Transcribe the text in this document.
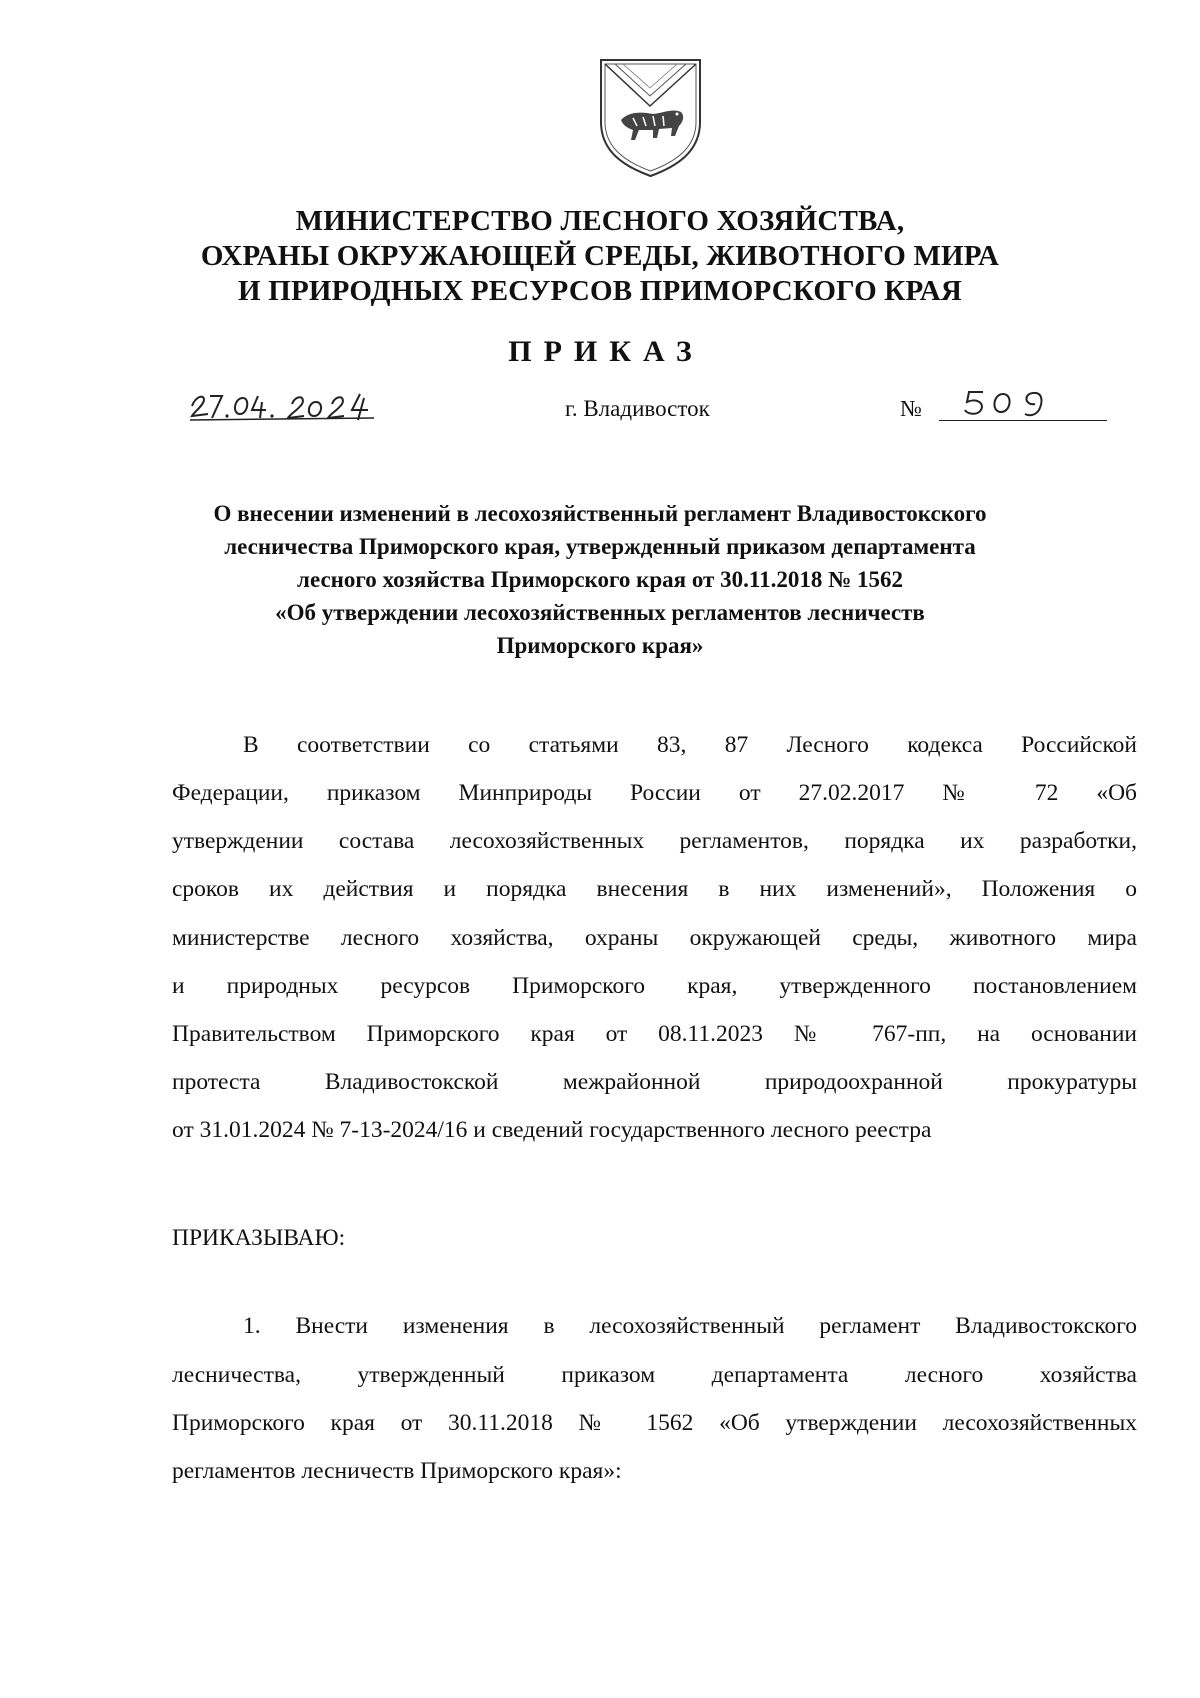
МИНИСТЕРСТВО ЛЕСНОГО ХОЗЯЙСТВА,
ОХРАНЫ ОКРУЖАЮЩЕЙ СРЕДЫ, ЖИВОТНОГО МИРА
И ПРИРОДНЫХ РЕСУРСОВ ПРИМОРСКОГО КРАЯ
ПРИКАЗ
г. Владивосток	№
О внесении изменений в лесохозяйственный регламент Владивостокского
лесничества Приморского края, утвержденный приказом департамента
лесного хозяйства Приморского края от 30.11.2018 № 1562
«Об утверждении лесохозяйственных регламентов лесничеств
Приморского края»
В соответствии со статьями 83, 87 Лесного кодекса Российской
Федерации, приказом Минприроды России от 27.02.2017 № 72 «Об
утверждении состава лесохозяйственных регламентов, порядка их разработки,
сроков их действия и порядка внесения в них изменений», Положения о
министерстве лесного хозяйства, охраны окружающей среды, животного мира
и природных ресурсов Приморского края, утвержденного постановлением
Правительством Приморского края от 08.11.2023 № 767-пп, на основании
протеста Владивостокской межрайонной природоохранной прокуратуры
от 31.01.2024 № 7-13-2024/16 и сведений государственного лесного реестра
ПРИКАЗЫВАЮ:
1. Внести изменения в лесохозяйственный регламент Владивостокского
лесничества, утвержденный приказом департамента лесного хозяйства
Приморского края от 30.11.2018 № 1562 «Об утверждении лесохозяйственных
регламентов лесничеств Приморского края»:
